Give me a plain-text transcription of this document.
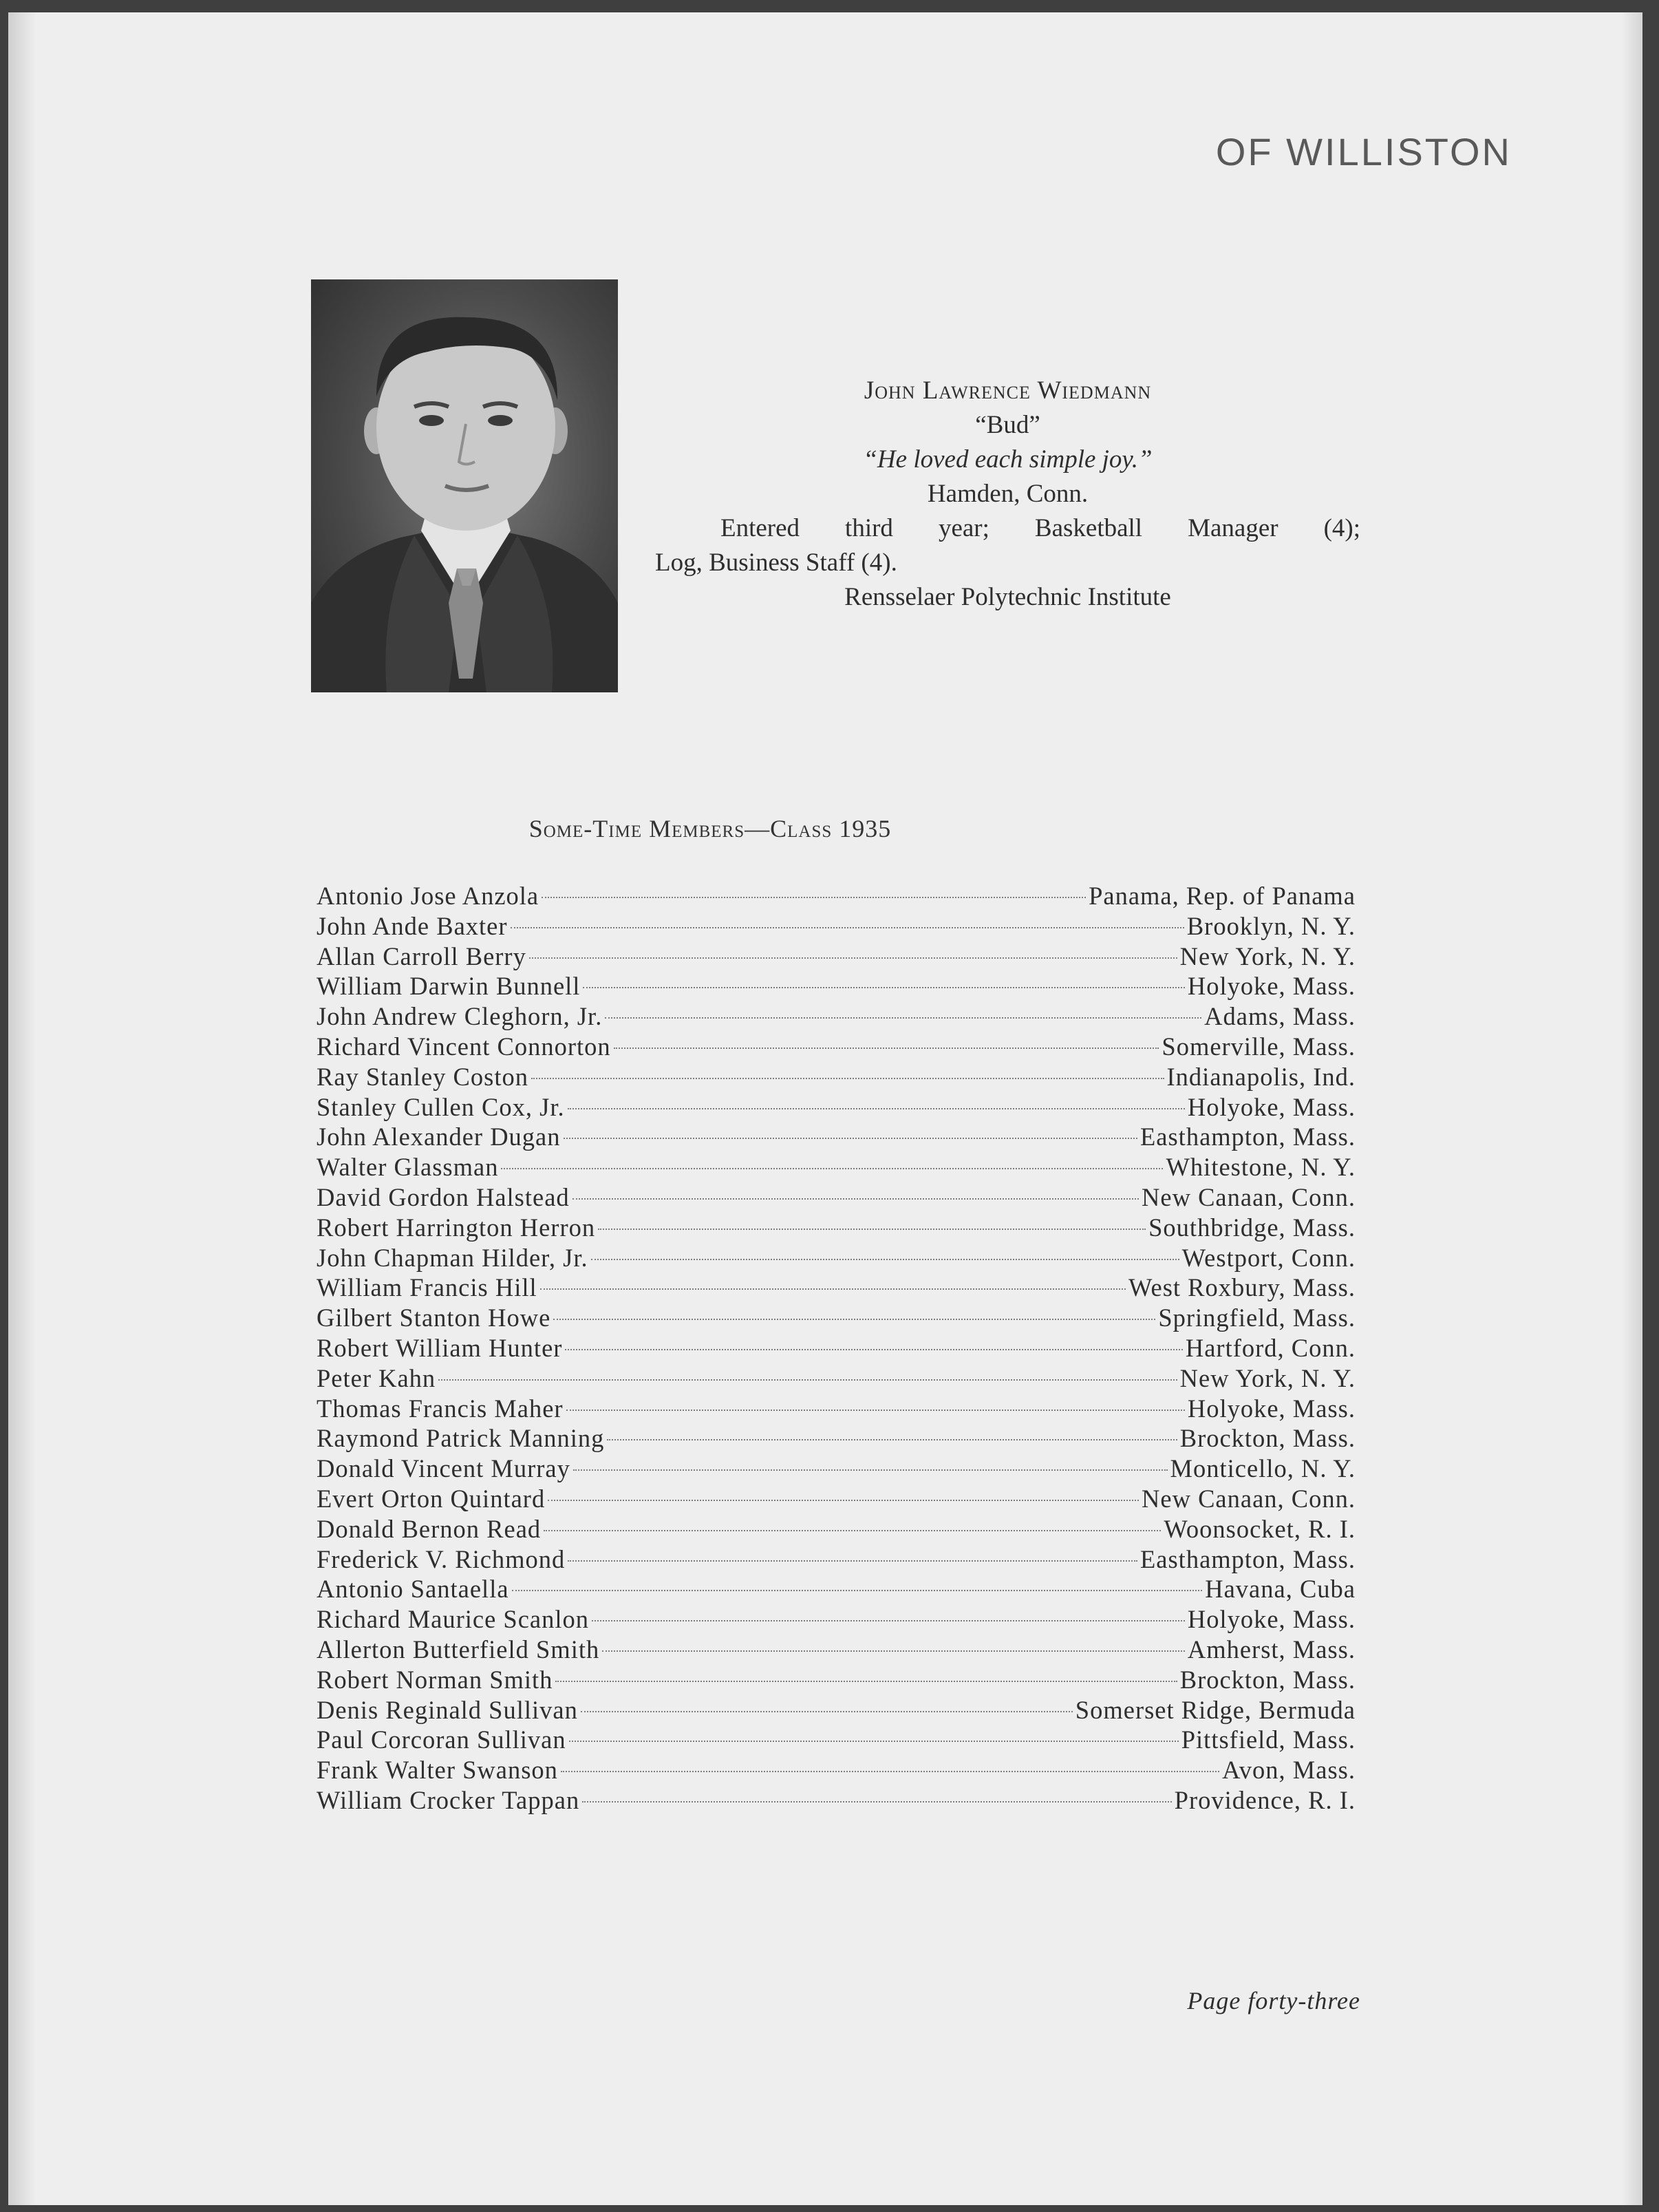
OF WILLISTON
John Lawrence Wiedmann
“Bud”
“He loved each simple joy.”
Hamden, Conn.
Entered third year; Basketball Manager (4);
Log, Business Staff (4).
Rensselaer Polytechnic Institute
Some-Time Members—Class 1935
Antonio Jose Anzola	Panama, Rep. of Panama
John Ande Baxter	Brooklyn, N. Y.
Allan Carroll Berry	New York, N. Y.
William Darwin Bunnell	Holyoke, Mass.
John Andrew Cleghorn, Jr.	Adams, Mass.
Richard Vincent Connorton	Somerville, Mass.
Ray Stanley Coston	Indianapolis, Ind.
Stanley Cullen Cox, Jr.	Holyoke, Mass.
John Alexander Dugan	Easthampton, Mass.
Walter Glassman	Whitestone, N. Y.
David Gordon Halstead	New Canaan, Conn.
Robert Harrington Herron	Southbridge, Mass.
John Chapman Hilder, Jr.	Westport, Conn.
William Francis Hill	West Roxbury, Mass.
Gilbert Stanton Howe	Springfield, Mass.
Robert William Hunter	Hartford, Conn.
Peter Kahn	New York, N. Y.
Thomas Francis Maher	Holyoke, Mass.
Raymond Patrick Manning	Brockton, Mass.
Donald Vincent Murray	Monticello, N. Y.
Evert Orton Quintard	New Canaan, Conn.
Donald Bernon Read	Woonsocket, R. I.
Frederick V. Richmond	Easthampton, Mass.
Antonio Santaella	Havana, Cuba
Richard Maurice Scanlon	Holyoke, Mass.
Allerton Butterfield Smith	Amherst, Mass.
Robert Norman Smith	Brockton, Mass.
Denis Reginald Sullivan	Somerset Ridge, Bermuda
Paul Corcoran Sullivan	Pittsfield, Mass.
Frank Walter Swanson	Avon, Mass.
William Crocker Tappan	Providence, R. I.
Page forty-three
